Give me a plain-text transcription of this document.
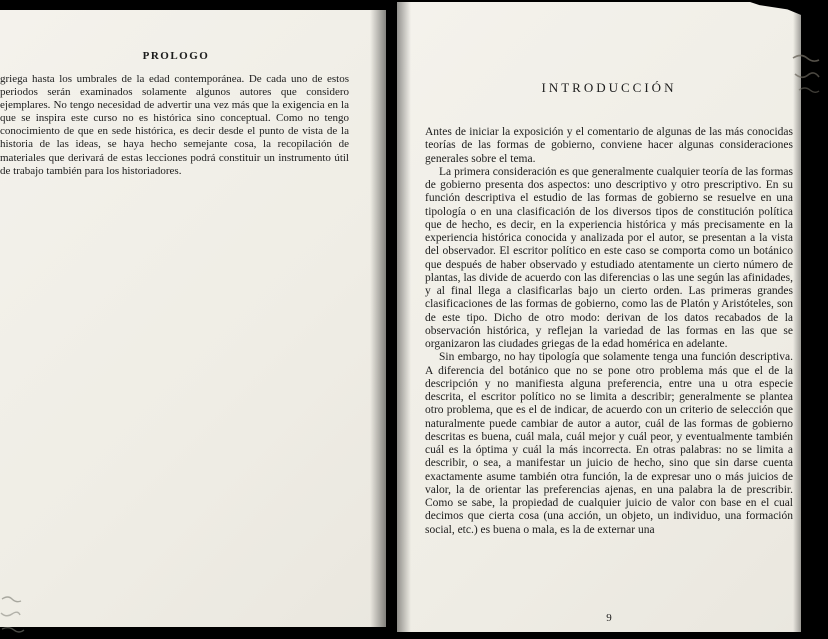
PROLOGO
griega hasta los umbrales de la edad contemporánea. De cada uno de estos periodos serán examinados solamente algunos autores que considero ejemplares. No tengo necesidad de advertir una vez más que la exigencia en la que se inspira este curso no es histórica sino conceptual. Como no tengo conocimiento de que en sede histórica, es decir desde el punto de vista de la historia de las ideas, se haya hecho semejante cosa, la recopilación de materiales que derivará de estas lecciones podrá constituir un instrumento útil de trabajo también para los historiadores.
INTRODUCCIÓN

Antes de iniciar la exposición y el comentario de algunas de las más conocidas teorías de las formas de gobierno, conviene hacer algunas consideraciones generales sobre el tema.

La primera consideración es que generalmente cualquier teoría de las formas de gobierno presenta dos aspectos: uno descriptivo y otro prescriptivo. En su función descriptiva el estudio de las formas de gobierno se resuelve en una tipología o en una clasificación de los diversos tipos de constitución política que de hecho, es decir, en la experiencia histórica y más precisamente en la experiencia histórica conocida y analizada por el autor, se presentan a la vista del observador. El escritor político en este caso se comporta como un botánico que después de haber observado y estudiado atentamente un cierto número de plantas, las divide de acuerdo con las diferencias o las une según las afinidades, y al final llega a clasificarlas bajo un cierto orden. Las primeras grandes clasificaciones de las formas de gobierno, como las de Platón y Aristóteles, son de este tipo. Dicho de otro modo: derivan de los datos recabados de la observación histórica, y reflejan la variedad de las formas en las que se organizaron las ciudades griegas de la edad homérica en adelante.

Sin embargo, no hay tipología que solamente tenga una función descriptiva. A diferencia del botánico que no se pone otro problema más que el de la descripción y no manifiesta alguna preferencia, entre una u otra especie descrita, el escritor político no se limita a describir; generalmente se plantea otro problema, que es el de indicar, de acuerdo con un criterio de selección que naturalmente puede cambiar de autor a autor, cuál de las formas de gobierno descritas es buena, cuál mala, cuál mejor y cuál peor, y eventualmente también cuál es la óptima y cuál la más incorrecta. En otras palabras: no se limita a describir, o sea, a manifestar un juicio de hecho, sino que sin darse cuenta exactamente asume también otra función, la de expresar uno o más juicios de valor, la de orientar las preferencias ajenas, en una palabra la de prescribir. Como se sabe, la propiedad de cualquier juicio de valor con base en el cual decimos que cierta cosa (una acción, un objeto, un individuo, una formación social, etc.) es buena o mala, es la de externar una

9
